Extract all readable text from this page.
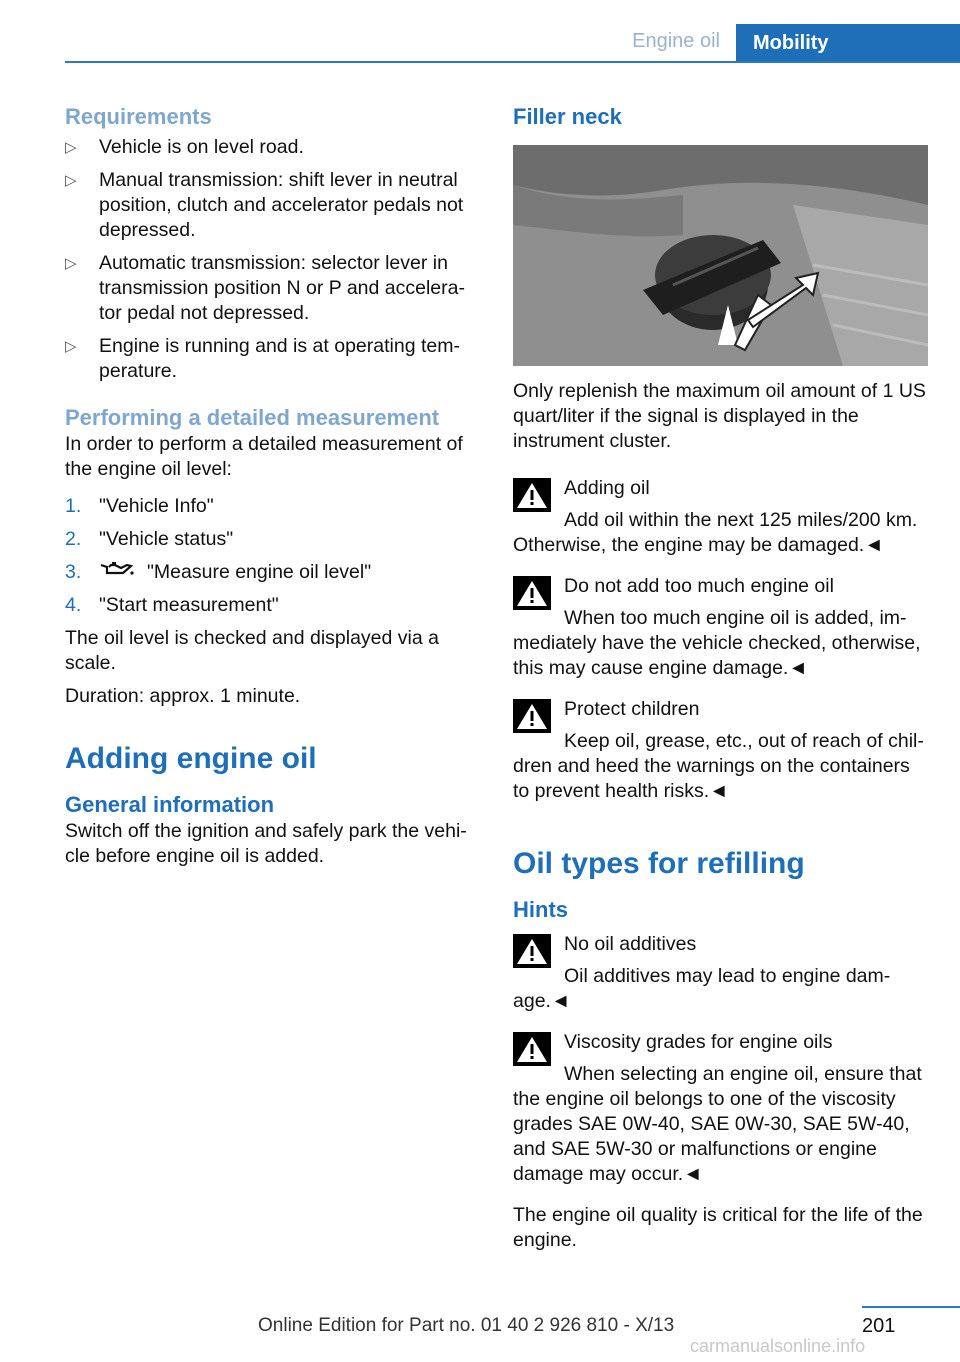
Engine oil	Mobility
Requirements
▷ Vehicle is on level road.
▷ Manual transmission: shift lever in neutral position, clutch and accelerator pedals not depressed.
▷ Automatic transmission: selector lever in transmission position N or P and accelera‐tor pedal not depressed.
▷ Engine is running and is at operating tem‐perature.
Performing a detailed measurement

In order to perform a detailed measurement of the engine oil level:

1. "Vehicle Info"
2. "Vehicle status"
3.	"Measure engine oil level"
4. "Start measurement"

The oil level is checked and displayed via a scale.

Duration: approx. 1 minute.

Adding engine oil
General information

Switch off the ignition and safely park the vehi‐cle before engine oil is added.

Filler neck

Only replenish the maximum oil amount of 1 US quart/liter if the signal is displayed in the instrument cluster.

Adding oil
Add oil within the next 125 miles/200 km. Otherwise, the engine may be damaged.◄
Do not add too much engine oil
When too much engine oil is added, im‐mediately have the vehicle checked, otherwise, this may cause engine damage.◄
Protect children
Keep oil, grease, etc., out of reach of chil‐dren and heed the warnings on the containers to prevent health risks.◄
Oil types for refilling
Hints
No oil additives
Oil additives may lead to engine dam‐age.◄
Viscosity grades for engine oils
When selecting an engine oil, ensure that the engine oil belongs to one of the viscosity grades SAE 0W-40, SAE 0W-30, SAE 5W-40, and SAE 5W-30 or malfunctions or engine damage may occur.◄

The engine oil quality is critical for the life of the engine.

201
Online Edition for Part no. 01 40 2 926 810 - X/13
carmanualsonline.info
